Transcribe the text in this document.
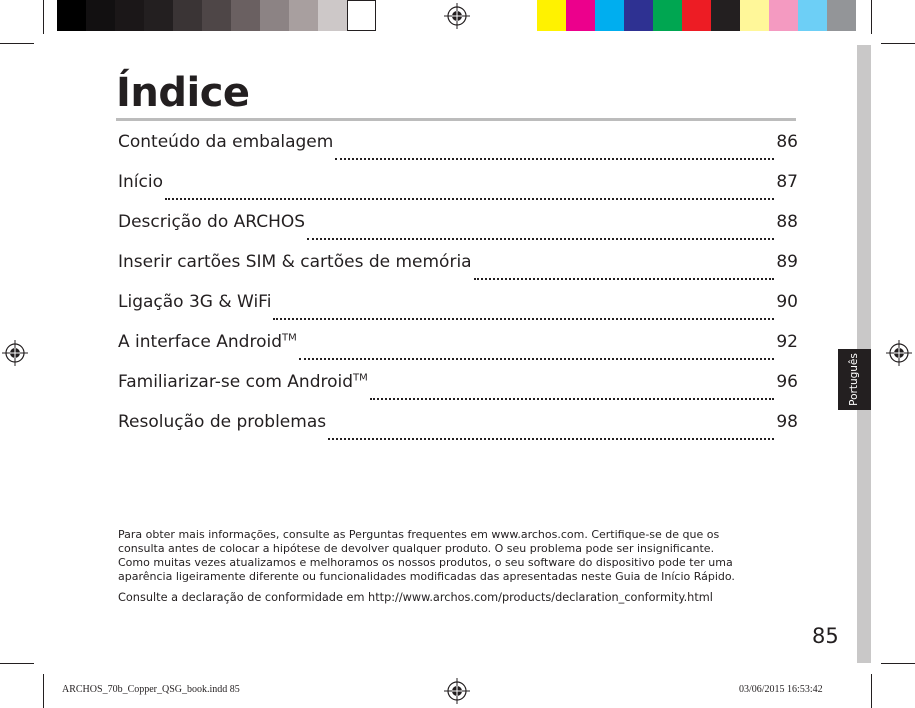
Português
Índice
Conteúdo da embalagem	86
Início	87
Descrição do ARCHOS	88
Inserir cartões SIM & cartões de memória	89
Ligação 3G & WiFi	90
A interface Android™	92
Familiarizar-se com Android™	96
Resolução de problemas	98
Para obter mais informações, consulte as Perguntas frequentes em www.archos.com. Certifique-se de que os
consulta antes de colocar a hipótese de devolver qualquer produto. O seu problema pode ser insignificante.
Como muitas vezes atualizamos e melhoramos os nossos produtos, o seu software do dispositivo pode ter uma
aparência ligeiramente diferente ou funcionalidades modificadas das apresentadas neste Guia de Início Rápido.
Consulte a declaração de conformidade em http://www.archos.com/products/declaration_conformity.html
85
ARCHOS_70b_Copper_QSG_book.indd 85	03/06/2015 16:53:42
